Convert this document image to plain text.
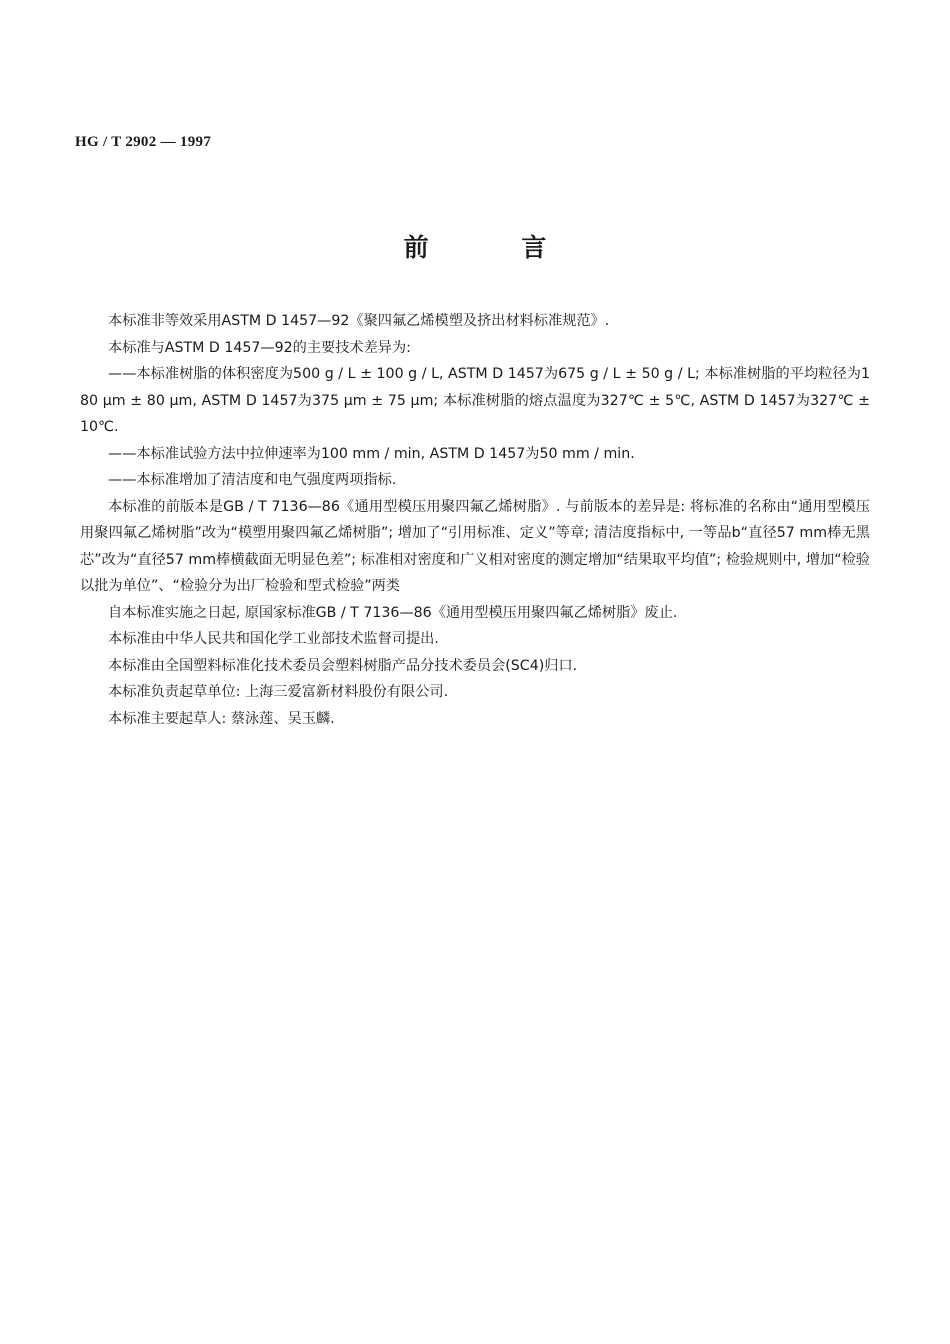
HG / T 2902 — 1997
前 言

本标准非等效采用ASTM D 1457—92《聚四氟乙烯模塑及挤出材料标准规范》.

本标准与ASTM D 1457—92的主要技术差异为:

——本标准树脂的体积密度为500 g / L ± 100 g / L, ASTM D 1457为675 g / L ± 50 g / L; 本标准树脂的平均粒径为180 μm ± 80 μm, ASTM D 1457为375 μm ± 75 μm; 本标准树脂的熔点温度为327℃ ± 5℃, ASTM D 1457为327℃ ± 10℃.

——本标准试验方法中拉伸速率为100 mm / min, ASTM D 1457为50 mm / min.

——本标准增加了清洁度和电气强度两项指标.

本标准的前版本是GB / T 7136—86《通用型模压用聚四氟乙烯树脂》. 与前版本的差异是: 将标准的名称由“通用型模压用聚四氟乙烯树脂”改为“模塑用聚四氟乙烯树脂”; 增加了“引用标准、定义”等章; 清洁度指标中, 一等品b“直径57 mm棒无黑芯”改为“直径57 mm棒横截面无明显色差”; 标准相对密度和广义相对密度的测定增加“结果取平均值”; 检验规则中, 增加“检验以批为单位”、“检验分为出厂检验和型式检验”两类

自本标准实施之日起, 原国家标准GB / T 7136—86《通用型模压用聚四氟乙烯树脂》废止.

本标准由中华人民共和国化学工业部技术监督司提出.

本标准由全国塑料标准化技术委员会塑料树脂产品分技术委员会(SC4)归口.

本标准负责起草单位: 上海三爱富新材料股份有限公司.

本标准主要起草人: 蔡泳莲、吴玉麟.
